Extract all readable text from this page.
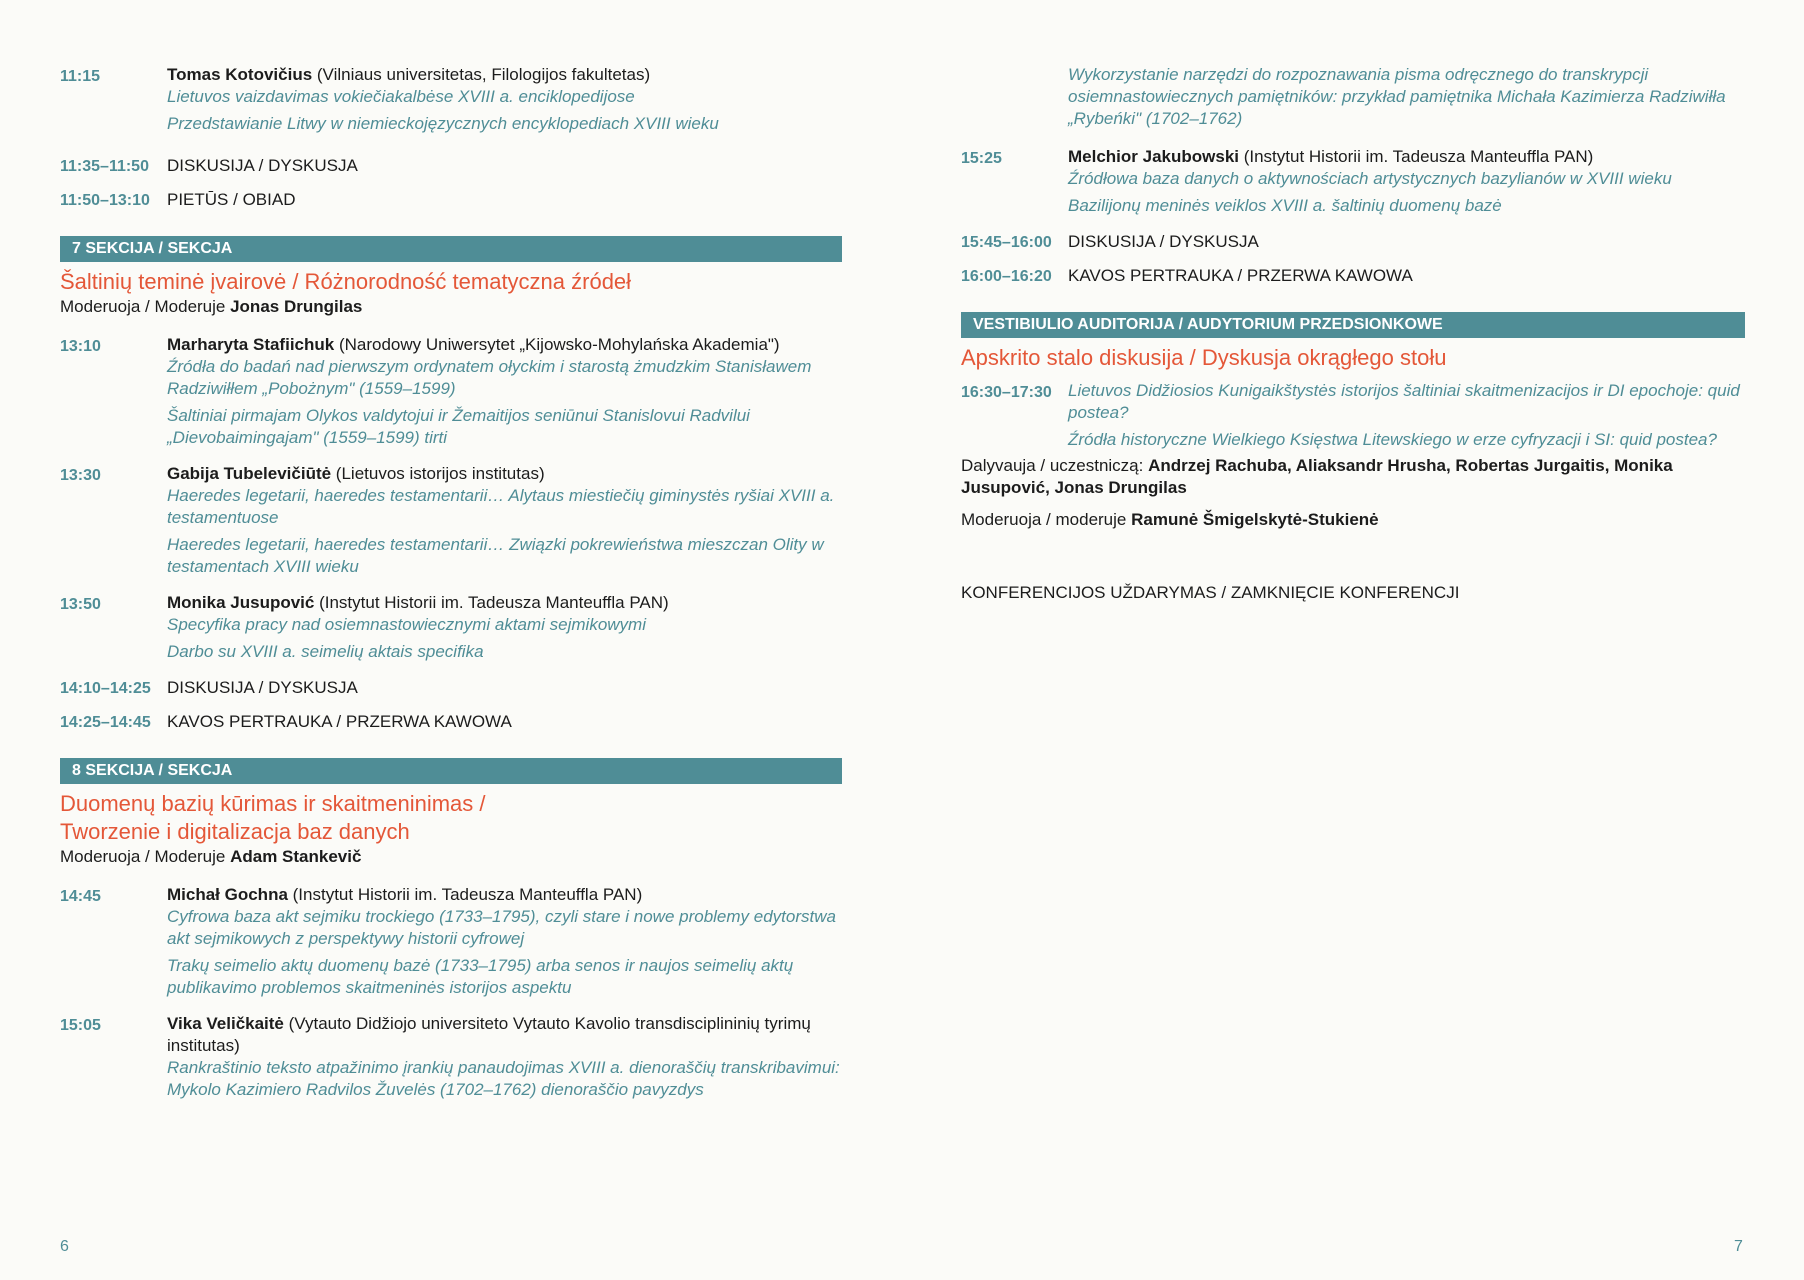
11:15	Tomas Kotovičius (Vilniaus universitetas, Filologijos fakultetas)
Lietuvos vaizdavimas vokiečiakalbėse XVIII a. enciklopedijose
Przedstawianie Litwy w niemieckojęzycznych encyklopediach XVIII wieku
11:35–11:50	DISKUSIJA / DYSKUSJA
11:50–13:10	PIETŪS / OBIAD
7 SEKCIJA / SEKCJA
Šaltinių teminė įvairovė / Różnorodność tematyczna źródeł
Moderuoja / Moderuje Jonas Drungilas
13:10	Marharyta Stafiichuk (Narodowy Uniwersytet „Kijowsko-Mohylańska Akademia")
Źródła do badań nad pierwszym ordynatem ołyckim i starostą żmudzkim Stanisławem Radziwiłłem „Pobożnym" (1559–1599)
Šaltiniai pirmajam Olykos valdytojui ir Žemaitijos seniūnui Stanislovui Radvilui „Dievobaimingajam" (1559–1599) tirti
13:30	Gabija Tubelevičiūtė (Lietuvos istorijos institutas)
Haeredes legetarii, haeredes testamentarii… Alytaus miestiečių giminystės ryšiai XVIII a. testamentuose
Haeredes legetarii, haeredes testamentarii… Związki pokrewieństwa mieszczan Olity w testamentach XVIII wieku
13:50	Monika Jusupović (Instytut Historii im. Tadeusza Manteuffla PAN)
Specyfika pracy nad osiemnastowiecznymi aktami sejmikowymi
Darbo su XVIII a. seimelių aktais specifika
14:10–14:25 DISKUSIJA / DYSKUSJA
14:25–14:45 KAVOS PERTRAUKA / PRZERWA KAWOWA
8 SEKCIJA / SEKCJA
Duomenų bazių kūrimas ir skaitmeninimas /
Tworzenie i digitalizacja baz danych
Moderuoja / Moderuje Adam Stankevič
14:45	Michał Gochna (Instytut Historii im. Tadeusza Manteuffla PAN)
Cyfrowa baza akt sejmiku trockiego (1733–1795), czyli stare i nowe problemy edytorstwa akt sejmikowych z perspektywy historii cyfrowej
Trakų seimelio aktų duomenų bazė (1733–1795) arba senos ir naujos seimelių aktų publikavimo problemos skaitmeninės istorijos aspektu
15:05	Vika Veličkaitė (Vytauto Didžiojo universiteto Vytauto Kavolio transdisciplininių tyrimų institutas)
Rankraštinio teksto atpažinimo įrankių panaudojimas XVIII a. dienoraščių transkribavimui: Mykolo Kazimiero Radvilos Žuvelės (1702–1762) dienoraščio pavyzdys
6
Wykorzystanie narzędzi do rozpoznawania pisma odręcznego do transkrypcji osiemnastowiecznych pamiętników: przykład pamiętnika Michała Kazimierza Radziwiłła „Rybeńki" (1702–1762)
15:25	Melchior Jakubowski (Instytut Historii im. Tadeusza Manteuffla PAN)
Źródłowa baza danych o aktywnościach artystycznych bazylianów w XVIII wieku
Bazilijonų meninės veiklos XVIII a. šaltinių duomenų bazė
15:45–16:00 DISKUSIJA / DYSKUSJA
16:00–16:20 KAVOS PERTRAUKA / PRZERWA KAWOWA
VESTIBIULIO AUDITORIJA / AUDYTORIUM PRZEDSIONKOWE
Apskrito stalo diskusija / Dyskusja okrągłego stołu
16:30–17:30 Lietuvos Didžiosios Kunigaikštystės istorijos šaltiniai skaitmenizacijos ir DI epochoje: quid postea?
Źródła historyczne Wielkiego Księstwa Litewskiego w erze cyfryzacji i SI: quid postea?
Dalyvauja / uczestniczą: Andrzej Rachuba, Aliaksandr Hrusha, Robertas Jurgaitis, Monika Jusupović, Jonas Drungilas
Moderuoja / moderuje Ramunė Šmigelskytė-Stukienė
KONFERENCIJOS UŽDARYMAS / ZAMKNIĘCIE KONFERENCJI
7
